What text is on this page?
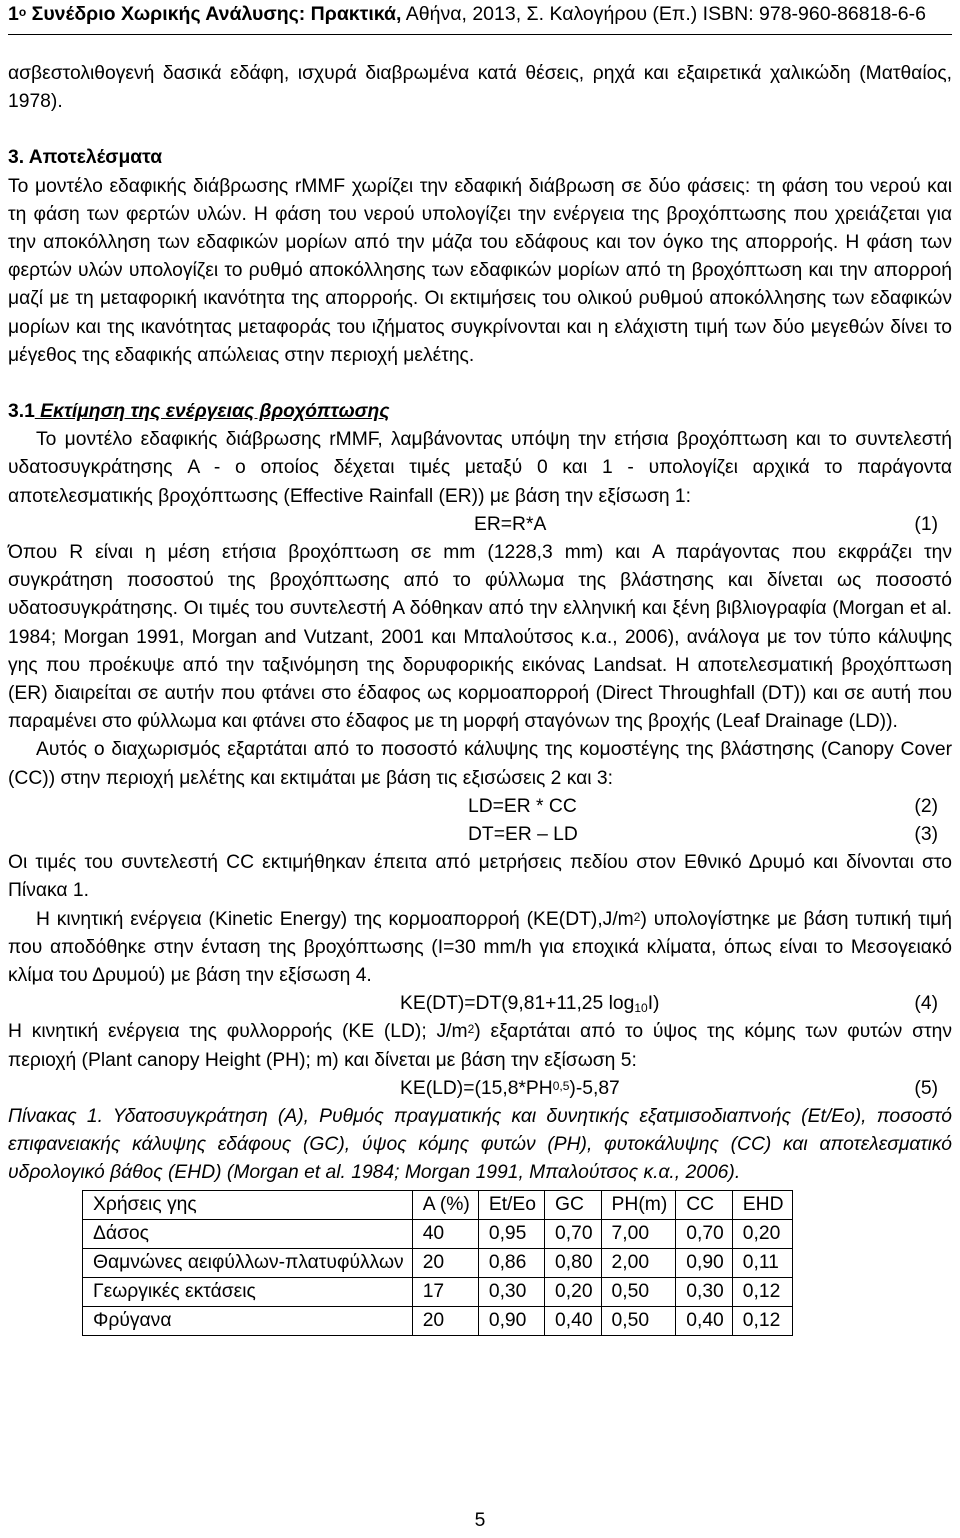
$1^o$ Συνέδριο Χωρικής Ανάλυσης: Πρακτικά, Αθήνα, 2013, Σ. Καλογήρου (Επ.) ISBN: 978-960-86818-6-6

ασβεστολιθογενή δασικά εδάφη, ισχυρά διαβρωμένα κατά θέσεις, ρηχά και εξαιρετικά χαλικώδη (Ματθαίος, 1978).

3. Αποτελέσματα

Το μοντέλο εδαφικής διάβρωσης rMMF χωρίζει την εδαφική διάβρωση σε δύο φάσεις: τη φάση του νερού και τη φάση των φερτών υλών. Η φάση του νερού υπολογίζει την ενέργεια της βροχόπτωσης που χρειάζεται για την αποκόλληση των εδαφικών μορίων από την μάζα του εδάφους και τον όγκο της απορροής. Η φάση των φερτών υλών υπολογίζει το ρυθμό αποκόλλησης των εδαφικών μορίων από τη βροχόπτωση και την απορροή μαζί με τη μεταφορική ικανότητα της απορροής. Οι εκτιμήσεις του ολικού ρυθμού αποκόλλησης των εδαφικών μορίων και της ικανότητας μεταφοράς του ιζήματος συγκρίνονται και η ελάχιστη τιμή των δύο μεγεθών δίνει το μέγεθος της εδαφικής απώλειας στην περιοχή μελέτης.

3.1 Εκτίμηση της ενέργειας βροχόπτωσης

Το μοντέλο εδαφικής διάβρωσης rMMF, λαμβάνοντας υπόψη την ετήσια βροχόπτωση και το συντελεστή υδατοσυγκράτησης A - ο οποίος δέχεται τιμές μεταξύ 0 και 1 - υπολογίζει αρχικά το παράγοντα αποτελεσματικής βροχόπτωσης (Effective Rainfall (ER)) με βάση την εξίσωση 1:

ER=R*A	(1)

Όπου R είναι η μέση ετήσια βροχόπτωση σε mm (1228,3 mm) και A παράγοντας που εκφράζει την συγκράτηση ποσοστού της βροχόπτωσης από το φύλλωμα της βλάστησης και δίνεται ως ποσοστό υδατοσυγκράτησης. Οι τιμές του συντελεστή A δόθηκαν από την ελληνική και ξένη βιβλιογραφία (Morgan et al. 1984; Morgan 1991, Morgan and Vutzant, 2001 και Μπαλούτσος κ.α., 2006), ανάλογα με τον τύπο κάλυψης γης που προέκυψε από την ταξινόμηση της δορυφορικής εικόνας Landsat. Η αποτελεσματική βροχόπτωση (ER) διαιρείται σε αυτήν που φτάνει στο έδαφος ως κορμοαπορροή (Direct Throughfall (DT)) και σε αυτή που παραμένει στο φύλλωμα και φτάνει στο έδαφος με τη μορφή σταγόνων της βροχής (Leaf Drainage (LD)).

Αυτός ο διαχωρισμός εξαρτάται από το ποσοστό κάλυψης της κομοστέγης της βλάστησης (Canopy Cover (CC)) στην περιοχή μελέτης και εκτιμάται με βάση τις εξισώσεις 2 και 3:

LD=ER * CC	(2)
DT=ER – LD	(3)

Οι τιμές του συντελεστή CC εκτιμήθηκαν έπειτα από μετρήσεις πεδίου στον Εθνικό Δρυμό και δίνονται στο Πίνακα 1.

Η κινητική ενέργεια (Kinetic Energy) της κορμοαπορροή $(KE(DT),J/m^2)$ υπολογίστηκε με βάση τυπική τιμή που αποδόθηκε στην ένταση της βροχόπτωσης (I=30 mm/h για εποχικά κλίματα, όπως είναι το Μεσογειακό κλίμα του Δρυμού) με βάση την εξίσωση 4.

KE(DT)=DT(9,81+11,25 $\log_{10}I$)	(4)

Η κινητική ενέργεια της φυλλορροής (KE (LD); $J/m^2$) εξαρτάται από το ύψος της κόμης των φυτών στην περιοχή (Plant canopy Height (PH); m) και δίνεται με βάση την εξίσωση 5:

KE(LD)=(15,8*PH$^{0,5}$)-5,87	(5)

Πίνακας 1. Υδατοσυγκράτηση (A), Ρυθμός πραγματικής και δυνητικής εξατμισοδιαπνοής (Et/Eo), ποσοστό επιφανειακής κάλυψης εδάφους (GC), ύψος κόμης φυτών (PH), φυτοκάλυψης (CC) και αποτελεσματικό υδρολογικό βάθος (EHD) (Morgan et al. 1984; Morgan 1991, Μπαλούτσος κ.α., 2006).

Χρήσεις γης	A (%)	Et/Eo	GC	PH(m)	CC	EHD
Δάσος	40	0,95	0,70	7,00	0,70	0,20
Θαμνώνες αειφύλλων-πλατυφύλλων	20	0,86	0,80	2,00	0,90	0,11
Γεωργικές εκτάσεις	17	0,30	0,20	0,50	0,30	0,12
Φρύγανα	20	0,90	0,40	0,50	0,40	0,12
5
